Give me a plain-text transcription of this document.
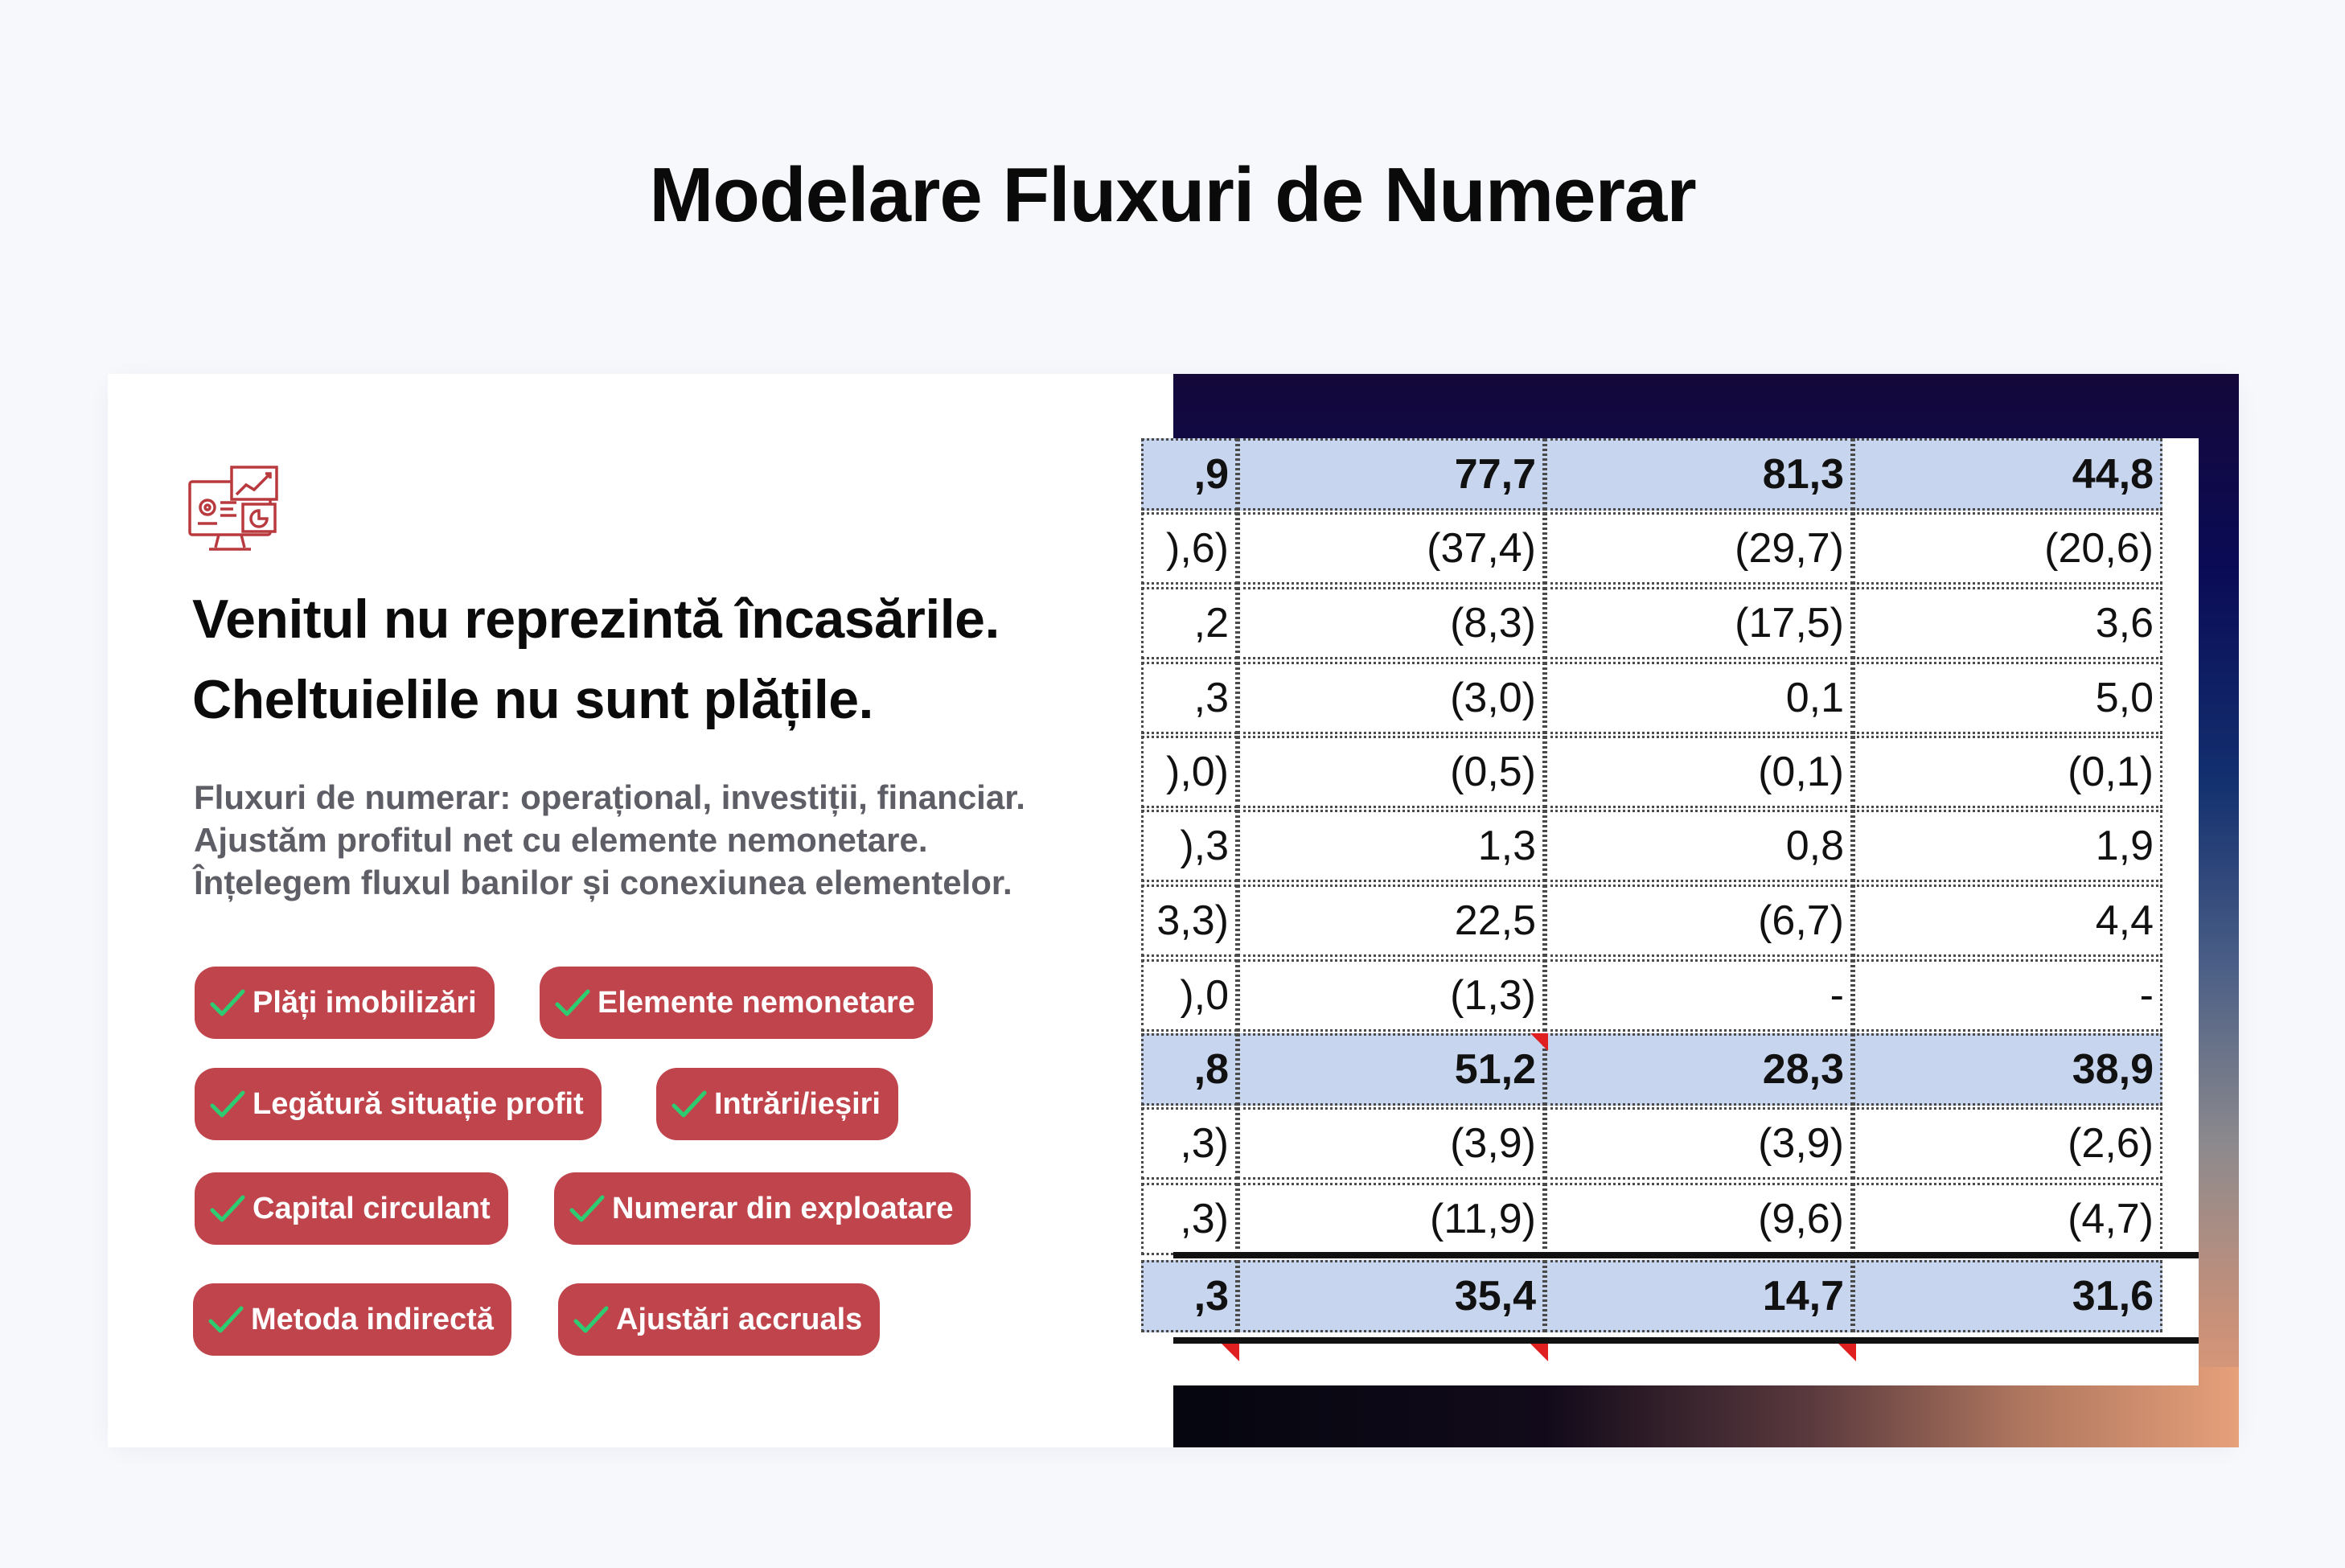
Modelare Fluxuri de Numerar
Venitul nu reprezintă încasările.
Cheltuielile nu sunt plățile.
Fluxuri de numerar: operațional, investiții, financiar.
Ajustăm profitul net cu elemente nemonetare.
Înțelegem fluxul banilor și conexiunea elementelor.
Plăți imobilizări	Elemente nemonetare
Legătură situație profit	Intrări/ieșiri
Capital circulant	Numerar din exploatare
Metoda indirectă	Ajustări accruals
,9	77,7	81,3	44,8
),6)	(37,4)	(29,7)	(20,6)
,2	(8,3)	(17,5)	3,6
,3	(3,0)	0,1	5,0
),0)	(0,5)	(0,1)	(0,1)
),3	1,3	0,8	1,9
3,3)	22,5	(6,7)	4,4
),0	(1,3)	-	-
,8	51,2	28,3	38,9
,3)	(3,9)	(3,9)	(2,6)
,3)	(11,9)	(9,6)	(4,7)
,3	35,4	14,7	31,6
